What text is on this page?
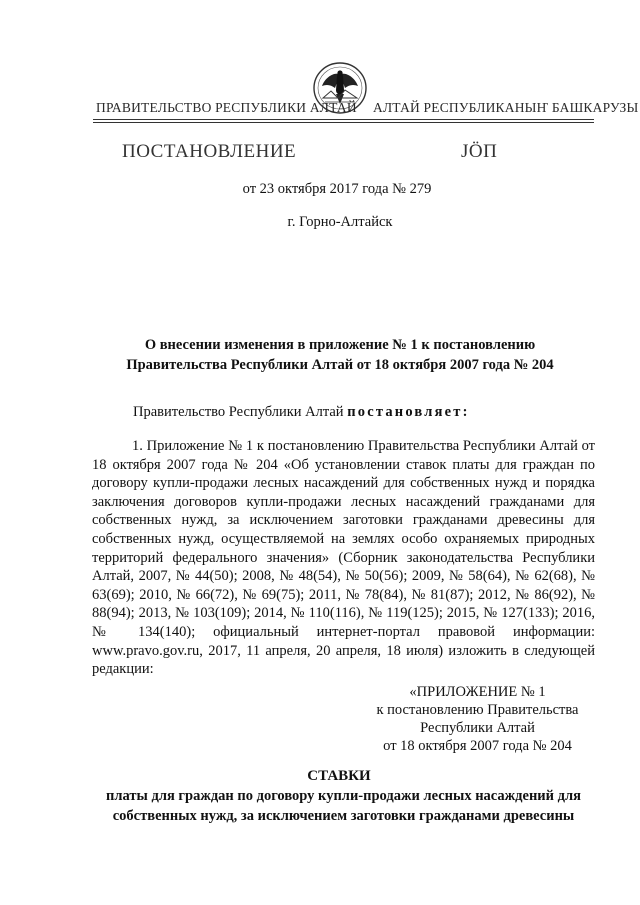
ПРАВИТЕЛЬСТВО РЕСПУБЛИКИ АЛТАЙ АЛТАЙ РЕСПУБЛИКАНЫҤ БАШКАРУЗЫ
ПОСТАНОВЛЕНИЕ	ЈÖП
от 23 октября 2017 года № 279
г. Горно-Алтайск
О внесении изменения в приложение № 1 к постановлению
Правительства Республики Алтай от 18 октября 2007 года № 204
Правительство Республики Алтай постановляет:
1. Приложение № 1 к постановлению Правительства Республики Алтай от 18 октября 2007 года № 204 «Об установлении ставок платы для граждан по договору купли-продажи лесных насаждений для собственных нужд и порядка заключения договоров купли-продажи лесных насаждений гражданами для собственных нужд, за исключением заготовки гражданами древесины для собственных нужд, осуществляемой на землях особо охраняемых природных территорий федерального значения» (Сборник законодательства Республики Алтай, 2007, № 44(50); 2008, № 48(54), № 50(56); 2009, № 58(64), № 62(68), № 63(69); 2010, № 66(72), № 69(75); 2011, № 78(84), № 81(87); 2012, № 86(92), № 88(94); 2013, № 103(109); 2014, № 110(116), № 119(125); 2015, № 127(133); 2016, № 134(140); официальный интернет-портал правовой информации: www.pravo.gov.ru, 2017, 11 апреля, 20 апреля, 18 июля) изложить в следующей редакции:
«ПРИЛОЖЕНИЕ № 1
к постановлению Правительства
Республики Алтай
от 18 октября 2007 года № 204
СТАВКИ
платы для граждан по договору купли-продажи лесных насаждений для
собственных нужд, за исключением заготовки гражданами древесины
